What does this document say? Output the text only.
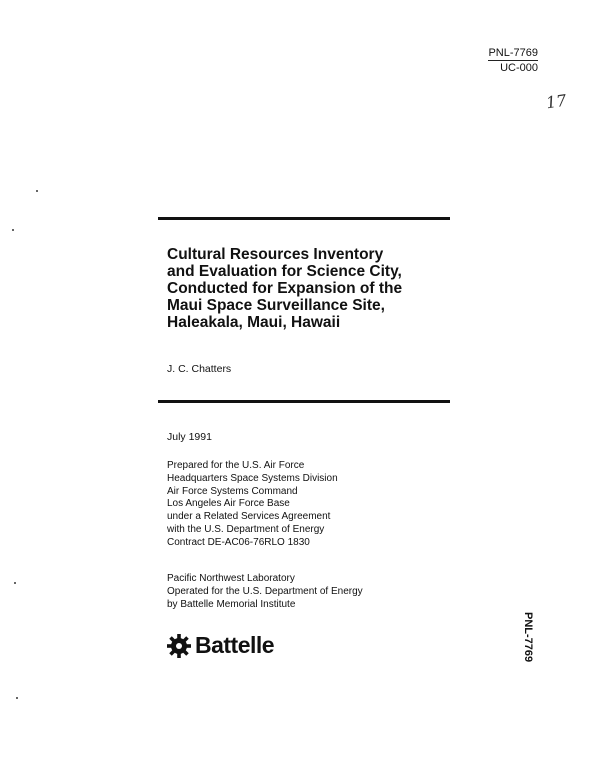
PNL-7769
UC-000
17
Cultural Resources Inventory
and Evaluation for Science City,
Conducted for Expansion of the
Maui Space Surveillance Site,
Haleakala, Maui, Hawaii
J. C. Chatters
July 1991
Prepared for the U.S. Air Force
Headquarters Space Systems Division
Air Force Systems Command
Los Angeles Air Force Base
under a Related Services Agreement
with the U.S. Department of Energy
Contract DE-AC06-76RLO 1830
Pacific Northwest Laboratory
Operated for the U.S. Department of Energy
by Battelle Memorial Institute
Battelle	PNL-7769
